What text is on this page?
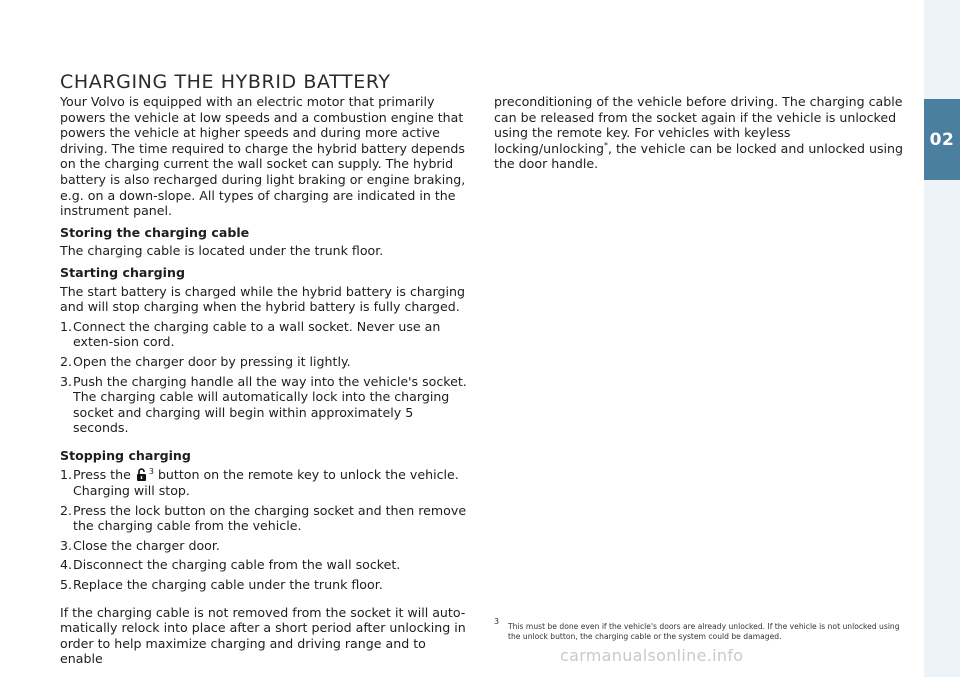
02
CHARGING THE HYBRID BATTERY

Your Volvo is equipped with an electric motor that primarily powers the vehicle at low speeds and a combustion engine that powers the vehicle at higher speeds and during more active driving. The time required to charge the hybrid battery depends on the charging current the wall socket can supply. The hybrid battery is also recharged during light braking or engine braking, e.g. on a down-slope. All types of charging are indicated in the instrument panel.

Storing the charging cable

The charging cable is located under the trunk floor.

Starting charging

The start battery is charged while the hybrid battery is charging and will stop charging when the hybrid battery is fully charged.

1. Connect the charging cable to a wall socket. Never use an exten-sion cord.
2. Open the charger door by pressing it lightly.
3. Push the charging handle all the way into the vehicle's socket. The charging cable will automatically lock into the charging socket and charging will begin within approximately 5 seconds.

Stopping charging

1. Press the $^3$ button on the remote key to unlock the vehicle. Charging will stop.
2. Press the lock button on the charging socket and then remove the charging cable from the vehicle.
3. Close the charger door.
4. Disconnect the charging cable from the wall socket.
5. Replace the charging cable under the trunk floor.

If the charging cable is not removed from the socket it will auto-matically relock into place after a short period after unlocking in order to help maximize charging and driving range and to enable

preconditioning of the vehicle before driving. The charging cable can be released from the socket again if the vehicle is unlocked using the remote key. For vehicles with keyless locking/unlocking*, the vehicle can be locked and unlocked using the door handle.

3
This must be done even if the vehicle's doors are already unlocked. If the vehicle is not unlocked using the unlock button, the charging cable or the system could be damaged.
carmanualsonline.info
